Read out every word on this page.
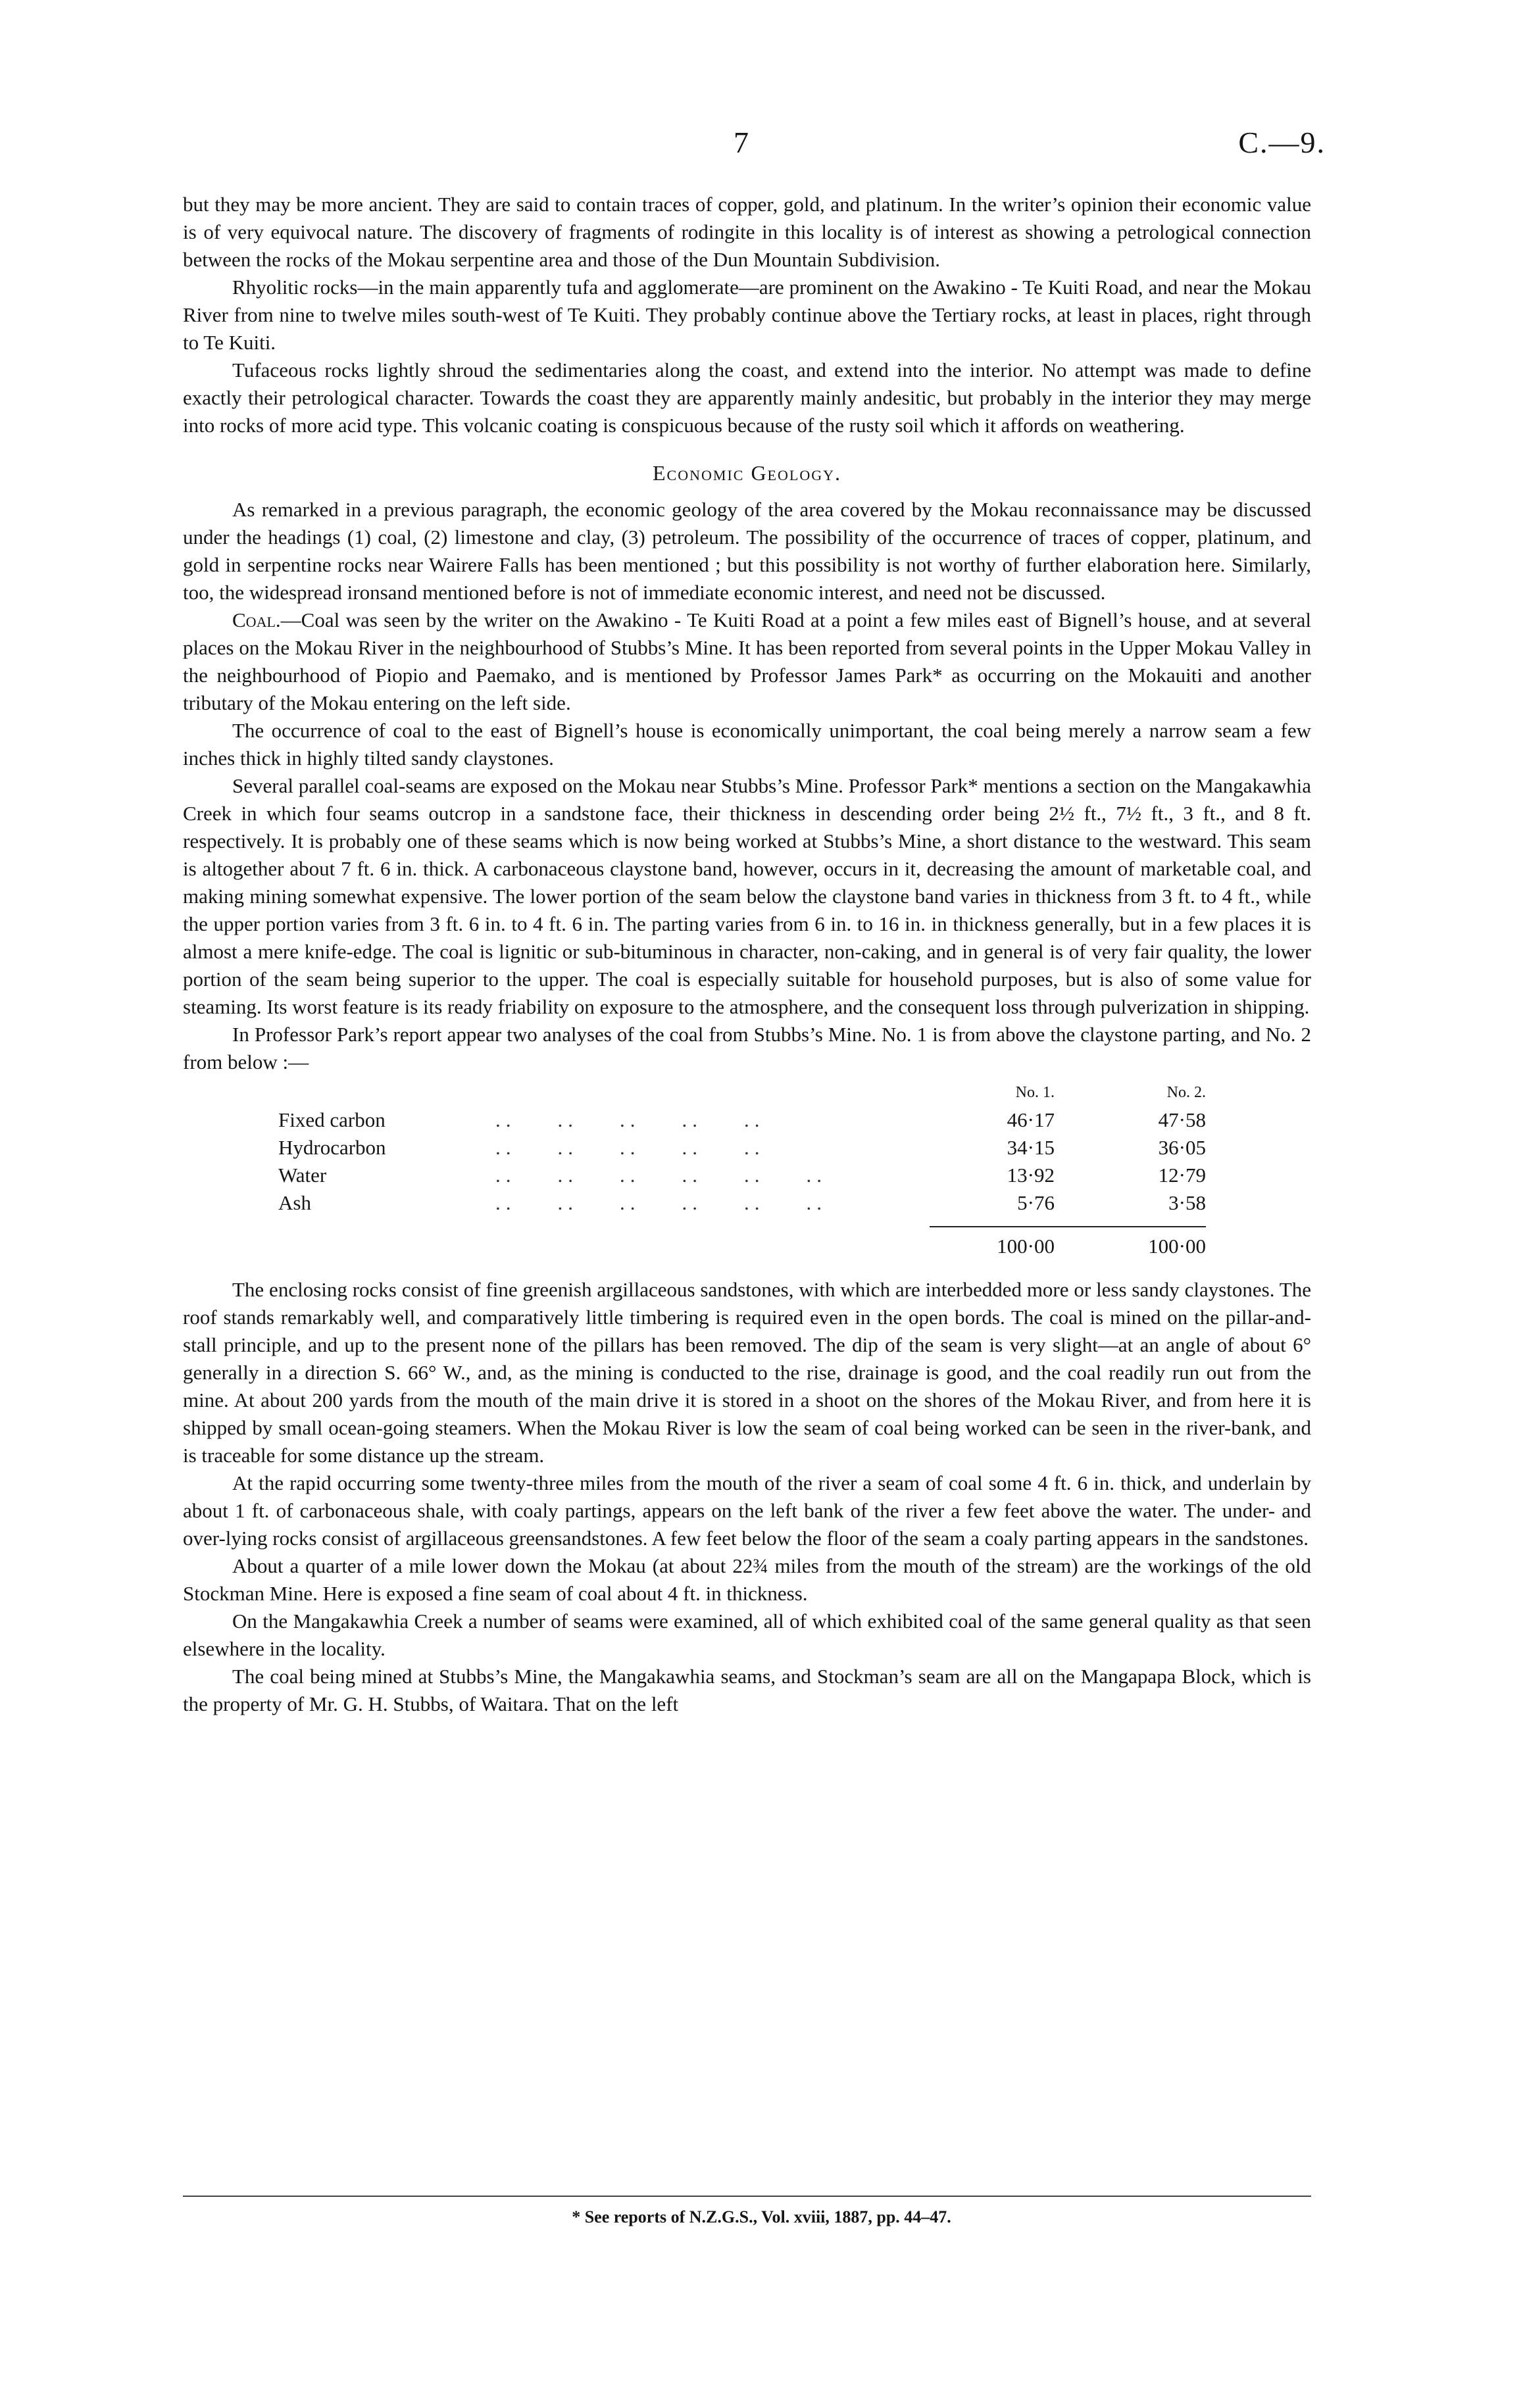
7	C.—9.

but they may be more ancient. They are said to contain traces of copper, gold, and platinum. In the writer’s opinion their economic value is of very equivocal nature. The discovery of fragments of rodingite in this locality is of interest as showing a petrological connection between the rocks of the Mokau serpentine area and those of the Dun Mountain Subdivision.

Rhyolitic rocks—in the main apparently tufa and agglomerate—are prominent on the Awakino - Te Kuiti Road, and near the Mokau River from nine to twelve miles south-west of Te Kuiti. They probably continue above the Tertiary rocks, at least in places, right through to Te Kuiti.

Tufaceous rocks lightly shroud the sedimentaries along the coast, and extend into the interior. No attempt was made to define exactly their petrological character. Towards the coast they are apparently mainly andesitic, but probably in the interior they may merge into rocks of more acid type. This volcanic coating is conspicuous because of the rusty soil which it affords on weathering.

Economic Geology.

As remarked in a previous paragraph, the economic geology of the area covered by the Mokau reconnaissance may be discussed under the headings (1) coal, (2) limestone and clay, (3) petroleum. The possibility of the occurrence of traces of copper, platinum, and gold in serpentine rocks near Wairere Falls has been mentioned ; but this possibility is not worthy of further elaboration here. Similarly, too, the widespread ironsand mentioned before is not of immediate economic interest, and need not be discussed.

Coal.—Coal was seen by the writer on the Awakino - Te Kuiti Road at a point a few miles east of Bignell’s house, and at several places on the Mokau River in the neighbourhood of Stubbs’s Mine. It has been reported from several points in the Upper Mokau Valley in the neighbourhood of Piopio and Paemako, and is mentioned by Professor James Park* as occurring on the Mokauiti and another tributary of the Mokau entering on the left side.

The occurrence of coal to the east of Bignell’s house is economically unimportant, the coal being merely a narrow seam a few inches thick in highly tilted sandy claystones.

Several parallel coal-seams are exposed on the Mokau near Stubbs’s Mine. Professor Park* mentions a section on the Mangakawhia Creek in which four seams outcrop in a sandstone face, their thickness in descending order being 2½ ft., 7½ ft., 3 ft., and 8 ft. respectively. It is probably one of these seams which is now being worked at Stubbs’s Mine, a short distance to the westward. This seam is altogether about 7 ft. 6 in. thick. A carbonaceous claystone band, however, occurs in it, decreasing the amount of marketable coal, and making mining somewhat expensive. The lower portion of the seam below the claystone band varies in thickness from 3 ft. to 4 ft., while the upper portion varies from 3 ft. 6 in. to 4 ft. 6 in. The parting varies from 6 in. to 16 in. in thickness generally, but in a few places it is almost a mere knife-edge. The coal is lignitic or sub-bituminous in character, non-caking, and in general is of very fair quality, the lower portion of the seam being superior to the upper. The coal is especially suitable for household purposes, but is also of some value for steaming. Its worst feature is its ready friability on exposure to the atmosphere, and the consequent loss through pulverization in shipping.

In Professor Park’s report appear two analyses of the coal from Stubbs’s Mine. No. 1 is from above the claystone parting, and No. 2 from below :—

		No. 1.	No. 2.
Fixed carbon	..    ..    ..    ..    ..	46·17	47·58
Hydrocarbon	..    ..    ..    ..    ..	34·15	36·05
Water	..    ..    ..    ..    ..    ..	13·92	12·79
Ash	..    ..    ..    ..    ..    ..	5·76	3·58

		100·00	100·00

The enclosing rocks consist of fine greenish argillaceous sandstones, with which are interbedded more or less sandy claystones. The roof stands remarkably well, and comparatively little timbering is required even in the open bords. The coal is mined on the pillar-and-stall principle, and up to the present none of the pillars has been removed. The dip of the seam is very slight—at an angle of about 6° generally in a direction S. 66° W., and, as the mining is conducted to the rise, drainage is good, and the coal readily run out from the mine. At about 200 yards from the mouth of the main drive it is stored in a shoot on the shores of the Mokau River, and from here it is shipped by small ocean-going steamers. When the Mokau River is low the seam of coal being worked can be seen in the river-bank, and is traceable for some distance up the stream.

At the rapid occurring some twenty-three miles from the mouth of the river a seam of coal some 4 ft. 6 in. thick, and underlain by about 1 ft. of carbonaceous shale, with coaly partings, appears on the left bank of the river a few feet above the water. The under- and over-lying rocks consist of argillaceous greensandstones. A few feet below the floor of the seam a coaly parting appears in the sandstones.

About a quarter of a mile lower down the Mokau (at about 22¾ miles from the mouth of the stream) are the workings of the old Stockman Mine. Here is exposed a fine seam of coal about 4 ft. in thickness.

On the Mangakawhia Creek a number of seams were examined, all of which exhibited coal of the same general quality as that seen elsewhere in the locality.

The coal being mined at Stubbs’s Mine, the Mangakawhia seams, and Stockman’s seam are all on the Mangapapa Block, which is the property of Mr. G. H. Stubbs, of Waitara. That on the left

* See reports of N.Z.G.S., Vol. xviii, 1887, pp. 44–47.
